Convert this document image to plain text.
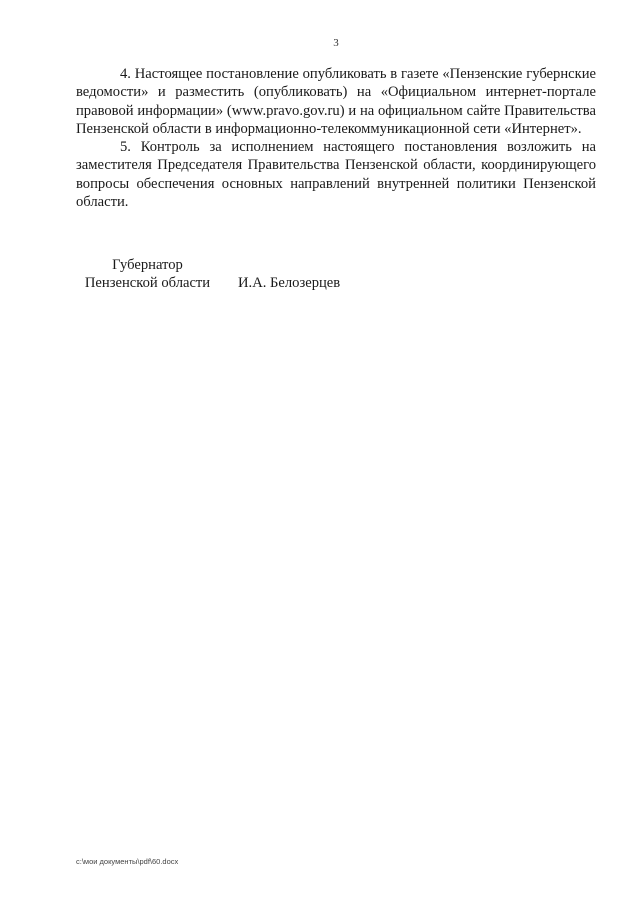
3

4. Настоящее постановление опубликовать в газете «Пензенские губернские ведомости» и разместить (опубликовать) на «Официальном интернет-портале правовой информации» (www.pravo.gov.ru) и на официальном сайте Правительства Пензенской области в информационно-телекоммуникационной сети «Интернет».

5. Контроль за исполнением настоящего постановления возложить на заместителя Председателя Правительства Пензенской области, координирующего вопросы обеспечения основных направлений внутренней политики Пензенской области.

Губернатор
Пензенской области	И.А. Белозерцев
c:\мои документы\pdf\60.docx
